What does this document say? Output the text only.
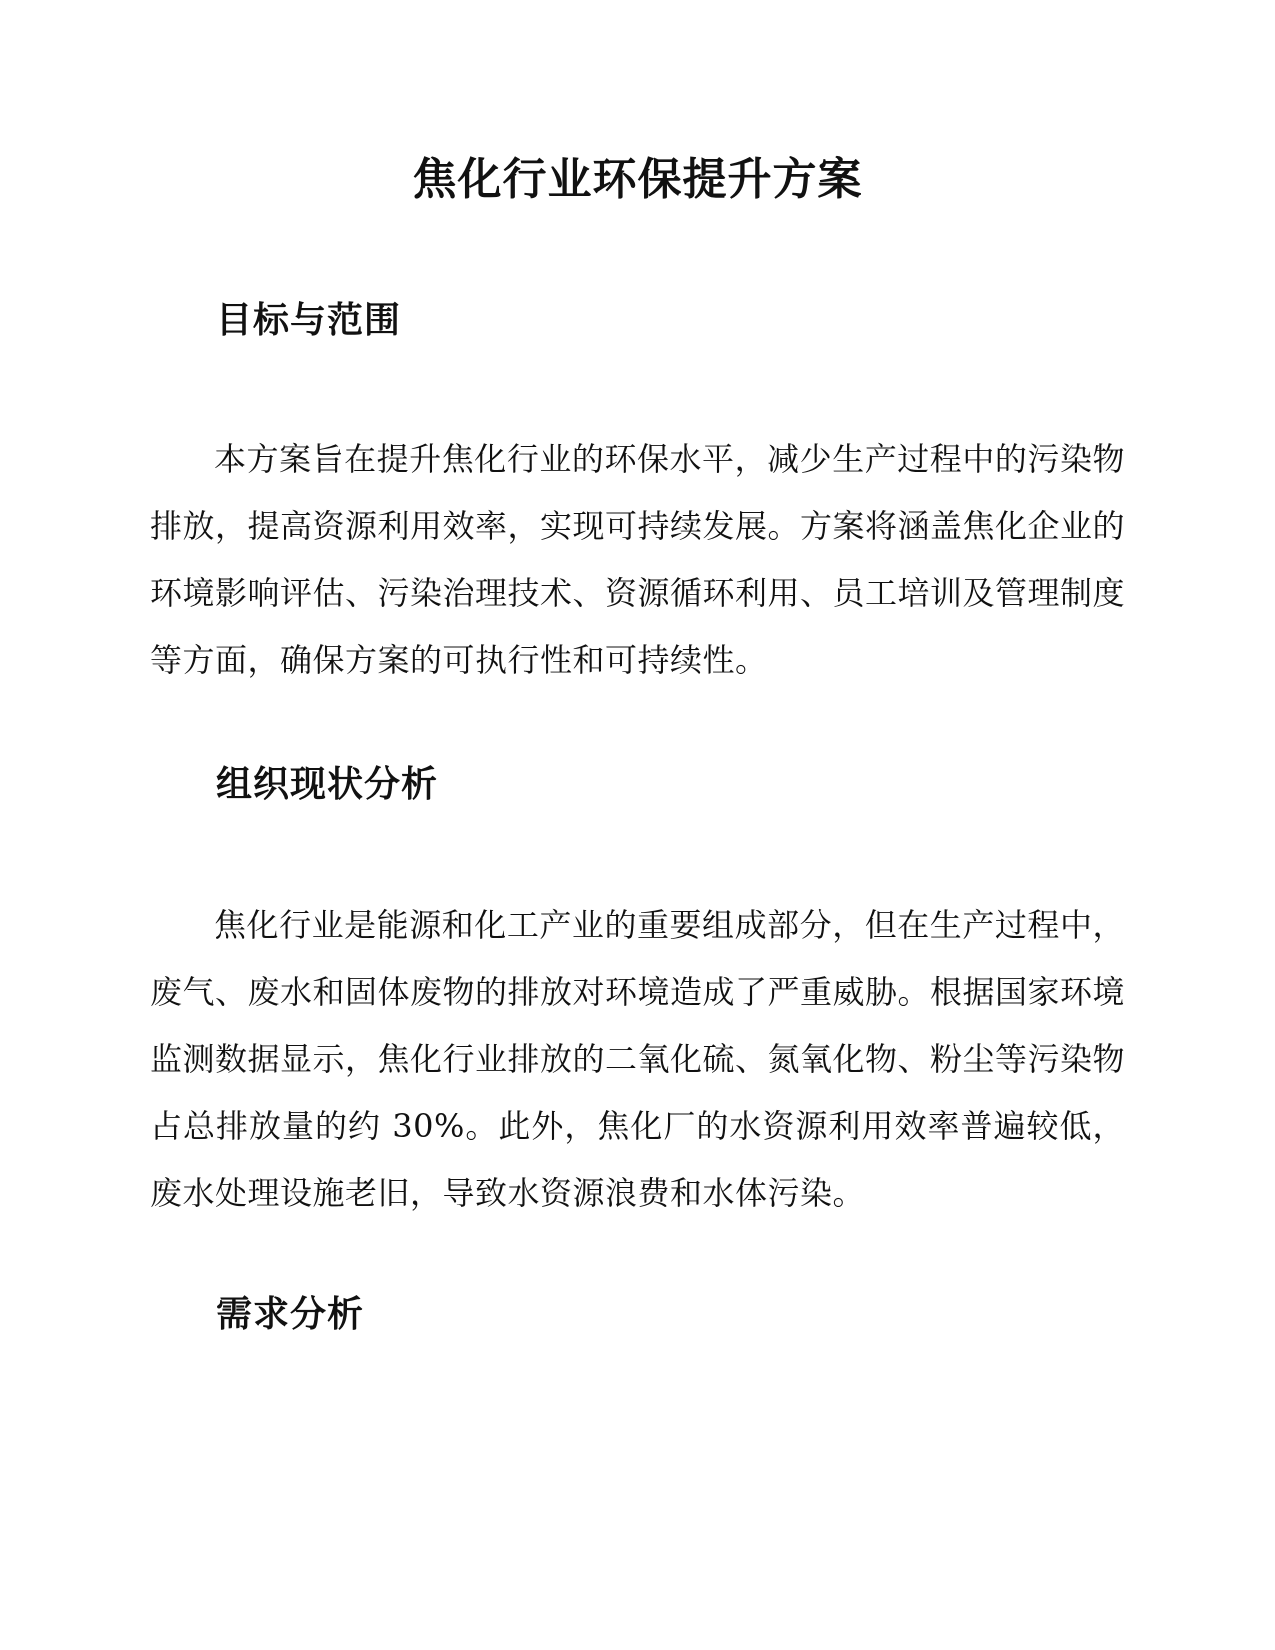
焦化行业环保提升方案
目标与范围

本方案旨在提升焦化行业的环保水平，减少生产过程中的污染物排放，提高资源利用效率，实现可持续发展。方案将涵盖焦化企业的环境影响评估、污染治理技术、资源循环利用、员工培训及管理制度等方面，确保方案的可执行性和可持续性。

组织现状分析

焦化行业是能源和化工产业的重要组成部分，但在生产过程中，废气、废水和固体废物的排放对环境造成了严重威胁。根据国家环境监测数据显示，焦化行业排放的二氧化硫、氮氧化物、粉尘等污染物占总排放量的约 30%。此外，焦化厂的水资源利用效率普遍较低，废水处理设施老旧，导致水资源浪费和水体污染。

需求分析
